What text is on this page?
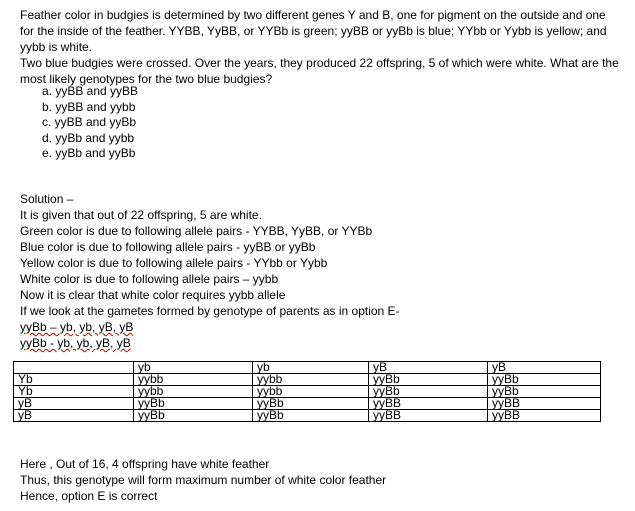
Feather color in budgies is determined by two different genes Y and B, one for pigment on the outside and one for the inside of the feather. YYBB, YyBB, or YYBb is green; yyBB or yyBb is blue; YYbb or Yybb is yellow; and yybb is white.
Two blue budgies were crossed. Over the years, they produced 22 offspring, 5 of which were white. What are the most likely genotypes for the two blue budgies?
a. yyBB and yyBB
b. yyBB and yybb
c. yyBB and yyBb
d. yyBb and yybb
e. yyBb and yyBb
Solution –
It is given that out of 22 offspring, 5 are white.
Green color is due to following allele pairs - YYBB, YyBB, or YYBb
Blue color is due to following allele pairs - yyBB or yyBb
Yellow color is due to following allele pairs - YYbb or Yybb
White color is due to following allele pairs – yybb
Now it is clear that white color requires yybb allele
If we look at the gametes formed by genotype of parents as in option E-
yyBb – yb, yb, yB, yB
yyBb - yb, yb, yB, yB
	yb	yb	yB	yB
Yb	yybb	yybb	yyBb	yyBb
Yb	yybb	yybb	yyBb	yyBb
yB	yyBb	yyBb	yyBB	yyBB
yB	yyBb	yyBb	yyBB	yyBB
Here , Out of 16, 4 offspring have white feather
Thus, this genotype will form maximum number of white color feather
Hence, option E is correct
